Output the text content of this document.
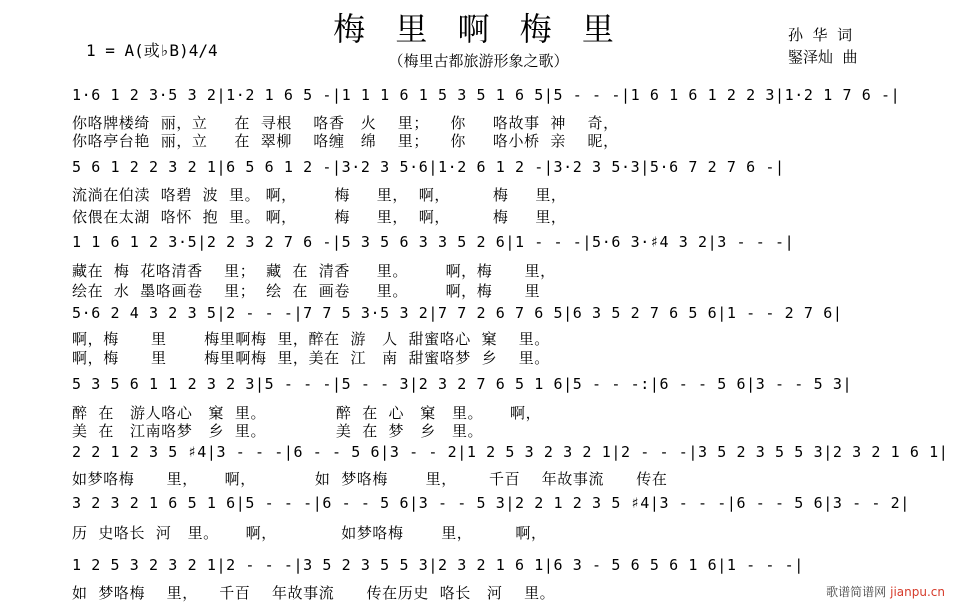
梅 里 啊 梅 里
（梅里古都旅游形象之歌）
1 = A(或♭B)4/4
孙  华  词
鋻泽灿  曲
1·6 1 2 3·5 3 2|1·2 1 6 5 -|1 1 1 6 1 5 3 5 1 6 5|5 - - -|1 6 1 6 1 2 2 3|1·2 1 7 6 -|
你咯牌楼绮  丽，立     在  寻根    咯香   火    里；    你     咯故事  神    奇，
你咯亭台艳  丽，立     在  翠柳    咯缠   绵    里；    你     咯小桥  亲    昵，
5 6 1 2 2 3 2 1|6 5 6 1 2 -|3·2 3 5·6|1·2 6 1 2 -|3·2 3 5·3|5·6 7 2 7 6 -|
流淌在伯渎  咯碧  波  里。 啊，       梅     里，  啊，        梅     里，
依偎在太湖  咯怀  抱  里。 啊，       梅     里，  啊，        梅     里，
1 1 6 1 2 3·5|2 2 3 2 7 6 -|5 3 5 6 3 3 5 2 6|1 - - -|5·6 3·♯4 3 2|3 - - -|
藏在  梅  花咯清香    里；  藏  在  清香     里。       啊，梅      里，
绘在  水  墨咯画卷    里；  绘  在  画卷     里。       啊，梅      里
5·6 2 4 3 2 3 5|2 - - -|7 7 5 3·5 3 2|7 7 2 6 7 6 5|6 3 5 2 7 6 5 6|1 - - 2 7 6|
啊，梅      里       梅里啊梅  里，醉在  游   人  甜蜜咯心  窠    里。
啊，梅      里       梅里啊梅  里，美在  江   南  甜蜜咯梦  乡    里。
5 3 5 6 1 1 2 3 2 3|5 - - -|5 - - 3|2 3 2 7 6 5 1 6|5 - - -:|6 - - 5 6|3 - - 5 3|
醉  在   游人咯心   窠  里。             醉  在  心   窠   里。     啊，
美  在   江南咯梦   乡  里。             美  在  梦   乡   里。
2 2 1 2 3 5 ♯4|3 - - -|6 - - 5 6|3 - - 2|1 2 5 3 2 3 2 1|2 - - -|3 5 2 3 5 5 3|2 3 2 1 6 1|
如梦咯梅      里，     啊，           如  梦咯梅       里，      千百    年故事流      传在
3 2 3 2 1 6 5 1 6|5 - - -|6 - - 5 6|3 - - 5 3|2 2 1 2 3 5 ♯4|3 - - -|6 - - 5 6|3 - - 2|
历  史咯长  河   里。     啊，            如梦咯梅       里，        啊，
1 2 5 3 2 3 2 1|2 - - -|3 5 2 3 5 5 3|2 3 2 1 6 1|6 3 - 5 6 5 6 1 6|1 - - -|
如  梦咯梅    里，    千百    年故事流      传在历史  咯长   河    里。	歌谱简谱网 jianpu.cn
